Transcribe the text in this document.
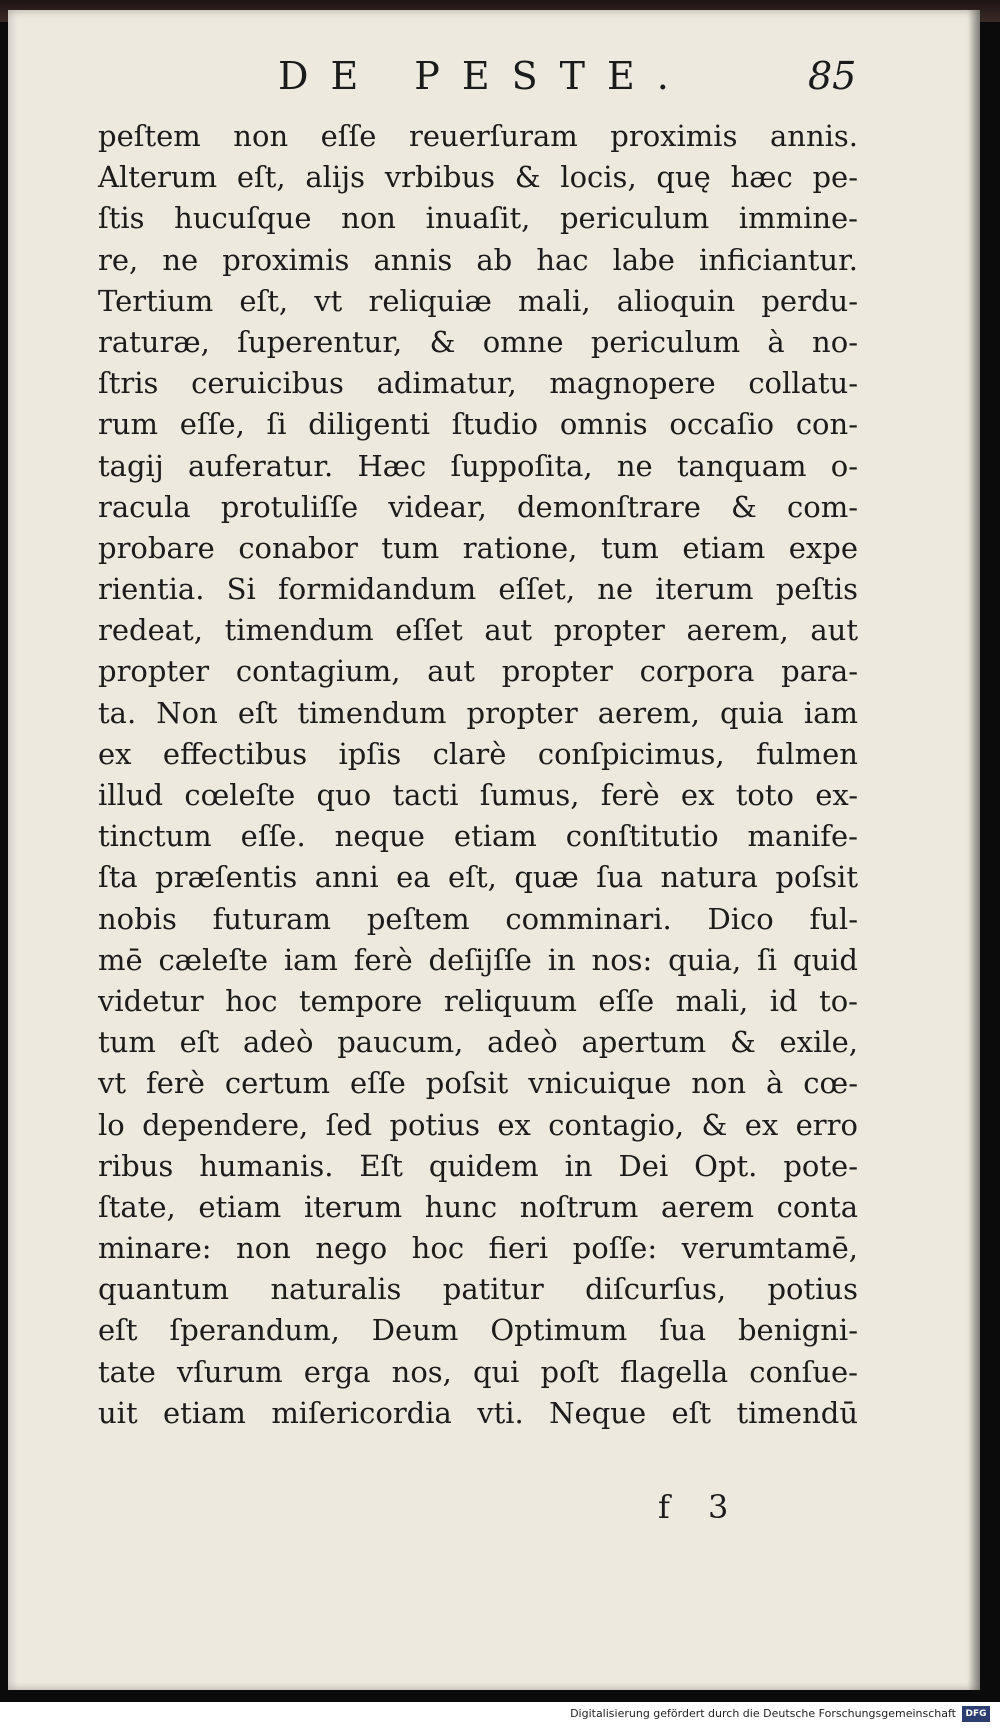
DE PESTE.	85
peſtem non eſſe reuerſuram proximis annis.
Alterum eſt, alijs vrbibus & locis, quę hæc pe-
ſtis hucuſque non inuaſit, periculum immine-
re, ne proximis annis ab hac labe inficiantur.
Tertium eſt, vt reliquiæ mali, alioquin perdu-
raturæ, ſuperentur, & omne periculum à no-
ſtris ceruicibus adimatur, magnopere collatu-
rum eſſe, ſi diligenti ſtudio omnis occaſio con-
tagij auferatur. Hæc ſuppoſita, ne tanquam o-
racula protuliſſe videar, demonſtrare & com-
probare conabor tum ratione, tum etiam expe
rientia. Si formidandum eſſet, ne iterum peſtis
redeat, timendum eſſet aut propter aerem, aut
propter contagium, aut propter corpora para-
ta. Non eſt timendum propter aerem, quia iam
ex effectibus ipſis clarè conſpicimus, fulmen
illud cœleſte quo tacti ſumus, ferè ex toto ex-
tinctum eſſe. neque etiam conſtitutio manife-
ſta præſentis anni ea eſt, quæ ſua natura poſsit
nobis futuram peſtem comminari. Dico ful-
mē cæleſte iam ferè deſijſſe in nos: quia, ſi quid
videtur hoc tempore reliquum eſſe mali, id to-
tum eſt adeò paucum, adeò apertum & exile,
vt ferè certum eſſe poſsit vnicuique non à cœ-
lo dependere, ſed potius ex contagio, & ex erro
ribus humanis. Eſt quidem in Dei Opt. pote-
ſtate, etiam iterum hunc noſtrum aerem conta
minare: non nego hoc fieri poſſe: verumtamē,
quantum naturalis patitur diſcurſus, potius
eſt ſperandum, Deum Optimum ſua benigni-
tate vſurum erga nos, qui poſt flagella conſue-
uit etiam miſericordia vti. Neque eſt timendū
f 3
Digitalisierung gefördert durch die Deutsche Forschungsgemeinschaft	DFG
